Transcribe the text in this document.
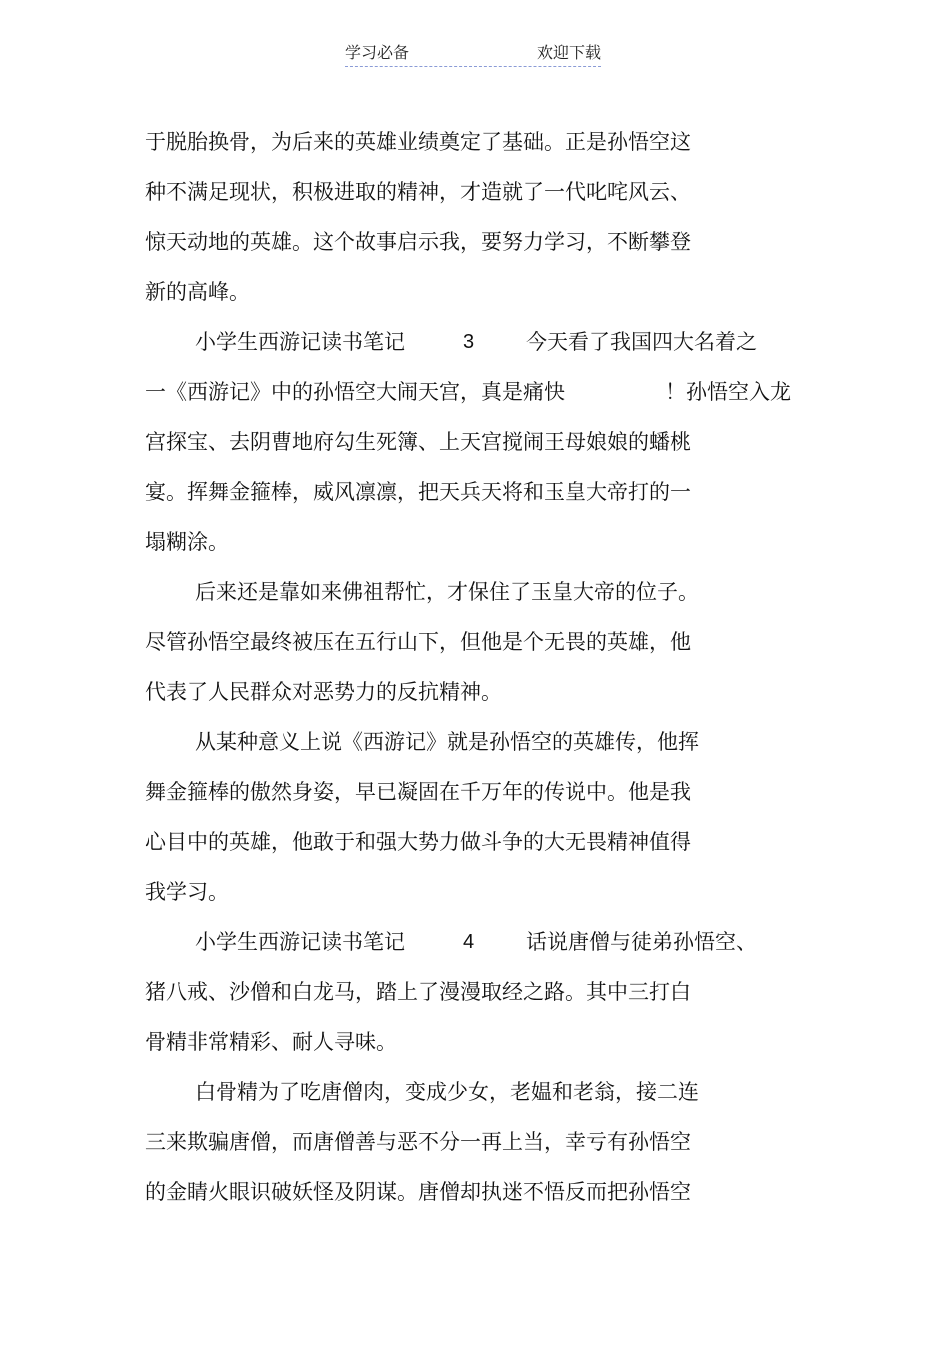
学习必备	欢迎下载
于脱胎换骨，为后来的英雄业绩奠定了基础。正是孙悟空这
种不满足现状，积极进取的精神，才造就了一代叱咤风云、
惊天动地的英雄。这个故事启示我，要努力学习，不断攀登
新的高峰。
小学生西游记读书笔记	3 今天看了我国四大名着之
一《西游记》中的孙悟空大闹天宫，真是痛快	！孙悟空入龙
宫探宝、去阴曹地府勾生死簿、上天宫搅闹王母娘娘的蟠桃
宴。挥舞金箍棒，威风凛凛，把天兵天将和玉皇大帝打的一
塌糊涂。
后来还是靠如来佛祖帮忙，才保住了玉皇大帝的位子。
尽管孙悟空最终被压在五行山下，但他是个无畏的英雄，他
代表了人民群众对恶势力的反抗精神。
从某种意义上说《西游记》就是孙悟空的英雄传，他挥
舞金箍棒的傲然身姿，早已凝固在千万年的传说中。他是我
心目中的英雄，他敢于和强大势力做斗争的大无畏精神值得
我学习。
小学生西游记读书笔记	4 话说唐僧与徒弟孙悟空、
猪八戒、沙僧和白龙马，踏上了漫漫取经之路。其中三打白
骨精非常精彩、耐人寻味。
白骨精为了吃唐僧肉，变成少女，老媪和老翁，接二连
三来欺骗唐僧，而唐僧善与恶不分一再上当，幸亏有孙悟空
的金睛火眼识破妖怪及阴谋。唐僧却执迷不悟反而把孙悟空
